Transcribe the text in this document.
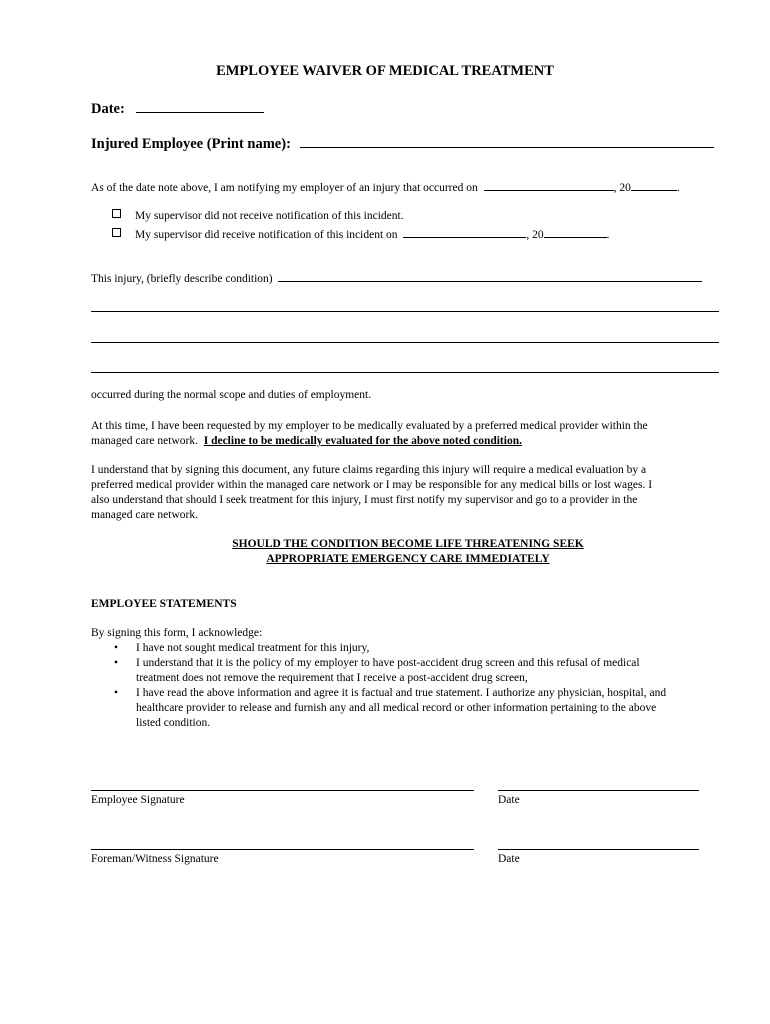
EMPLOYEE WAIVER OF MEDICAL TREATMENT
Date:
Injured Employee (Print name):
As of the date note above, I am notifying my employer of an injury that occurred on	, 20	.
My supervisor did not receive notification of this incident.
My supervisor did receive notification of this incident on	, 20	.
This injury, (briefly describe condition)
occurred during the normal scope and duties of employment.
At this time, I have been requested by my employer to be medically evaluated by a preferred medical provider within the
managed care network. I decline to be medically evaluated for the above noted condition.
I understand that by signing this document, any future claims regarding this injury will require a medical evaluation by a
preferred medical provider within the managed care network or I may be responsible for any medical bills or lost wages. I
also understand that should I seek treatment for this injury, I must first notify my supervisor and go to a provider in the
managed care network.
SHOULD THE CONDITION BECOME LIFE THREATENING SEEK
APPROPRIATE EMERGENCY CARE IMMEDIATELY
EMPLOYEE STATEMENTS
By signing this form, I acknowledge:
• I have not sought medical treatment for this injury,
• I understand that it is the policy of my employer to have post-accident drug screen and this refusal of medical
treatment does not remove the requirement that I receive a post-accident drug screen,
• I have read the above information and agree it is factual and true statement. I authorize any physician, hospital, and
healthcare provider to release and furnish any and all medical record or other information pertaining to the above
listed condition.
Employee Signature	Date
Foreman/Witness Signature	Date
